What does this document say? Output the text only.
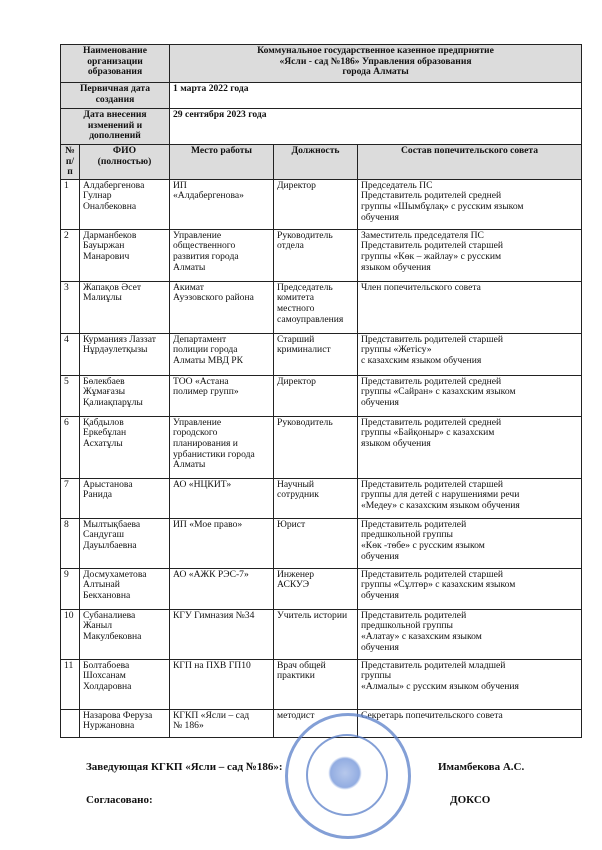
Наименование
организации
образования		Коммунальное государственное казенное предприятие
«Ясли - сад №186» Управления образования
города Алматы		
Первичная дата
создания		1 марта 2022 года		
Дата внесения
изменений и
дополнений		29 сентября 2023 года		
№
п/п	ФИО
(полностью)	Место работы	Должность	Состав попечительского совета
1	Алдабергенова
Гулнар
Оналбековна	ИП
«Алдабергенова»	Директор	Председатель ПС
Представитель родителей средней
группы «Шымбұлақ» с русским языком
обучения
2	Дарманбеков
Бауыржан
Манарович	Управление
общественного
развития города
Алматы	Руководитель
отдела	Заместитель председателя ПС
Представитель родителей старшей
группы «Көк – жайлау» с русским
языком обучения
3	Жапақов Әсет
Малиұлы	Акимат
Ауэзовского района	Председатель
комитета
местного
самоуправления	Член попечительского совета
4	Курманияз Лаззат
Нұрдәулетқызы	Департамент
полиции города
Алматы МВД РК	Старший
криминалист	Представитель родителей старшей
группы «Жетісу»
с казахским языком обучения
5	Бөлекбаев
Жұмағазы
Қалиақпарұлы	ТОО «Астана
полимер групп»	Директор	Представитель родителей средней
группы «Сайран» с казахским языком
обучения
6	Қабдылов
Еркебұлан
Асхатұлы	Управление
городского
планирования и
урбанистики города
Алматы	Руководитель	Представитель родителей средней
группы «Байқоныр» с казахским
языком обучения
7	Арыстанова
Ранида	АО «НЦКИТ»	Научный
сотрудник	Представитель родителей старшей
группы для детей с нарушениями речи
«Медеу» с казахским языком обучения
8	Мылтықбаева
Сандугаш
Дауылбаевна	ИП «Мое право»	Юрист	Представитель родителей
предшкольной группы
«Көк -төбе» с русским языком
обучения
9	Досмухаметова
Алтынай
Бекхановна	АО «АЖК РЭС-7»	Инженер
АСКУЭ	Представитель родителей старшей
группы «Сұлтөр» с казахским языком
обучения
10	Субаналиева
Жаныл
Макулбековна	КГУ Гимназия №34	Учитель истории	Представитель родителей
предшкольной группы
«Алатау» с казахским языком
обучения
11	Болтабоева
Шохсанам
Холдаровна	КГП на ПХВ ГП10	Врач общей
практики	Представитель родителей младшей
группы
«Алмалы» с русским языком обучения
	Назарова Феруза
Нуржановна	КГКП «Ясли – сад
№ 186»	методист	Секретарь попечительского совета
Заведующая КГКП «Ясли – сад №186»:	Имамбекова А.С.
Согласовано:	ДОКСО
